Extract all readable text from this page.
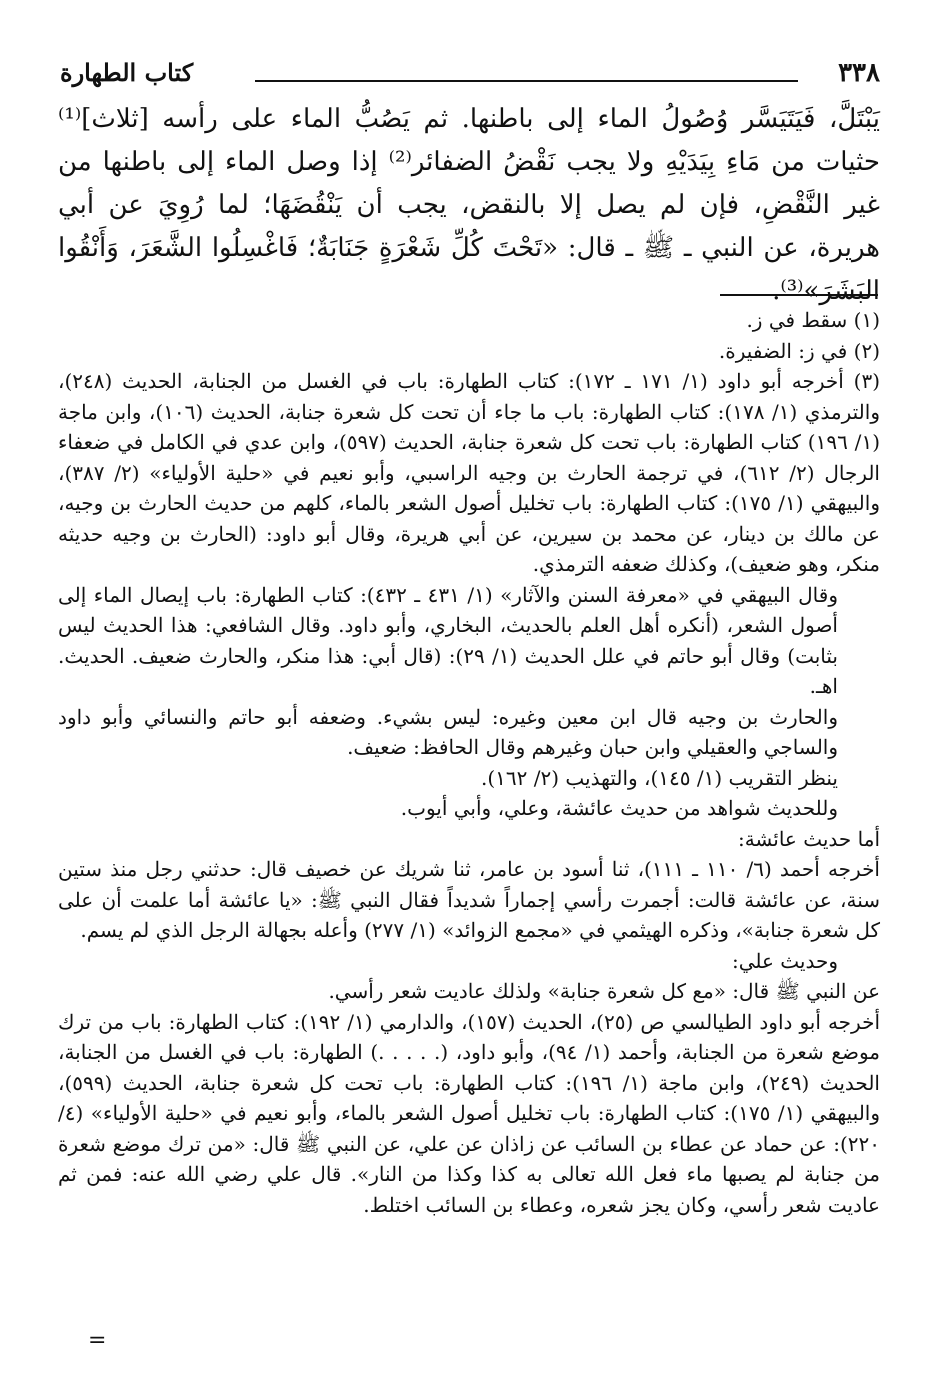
٣٣٨
كتاب الطهارة

يَبْتَلَّ، فَيَتَيَسَّر وُصُولُ الماء إلى باطنها. ثم يَصُبُّ الماء على رأسه [ثلاث]⁽¹⁾ حثيات من مَاءِ بِيَدَيْهِ ولا يجب نَقْضُ الضفائر⁽²⁾ إذا وصل الماء إلى باطنها من غير النَّقْضِ، فإن لم يصل إلا بالنقض، يجب أن يَنْقُضَهَا؛ لما رُوِيَ عن أبي هريرة، عن النبي ـ ﷺ ـ قال: «تَحْتَ كُلِّ شَعْرَةٍ جَنَابَةٌ؛ فَاغْسِلُوا الشَّعَرَ، وَأَنْقُوا البَشَرَ»⁽³⁾.

(١) سقط في ز.

(٢) في ز: الضفيرة.

(٣) أخرجه أبو داود (١/ ١٧١ ـ ١٧٢): كتاب الطهارة: باب في الغسل من الجنابة، الحديث (٢٤٨)، والترمذي (١/ ١٧٨): كتاب الطهارة: باب ما جاء أن تحت كل شعرة جنابة، الحديث (١٠٦)، وابن ماجة (١/ ١٩٦) كتاب الطهارة: باب تحت كل شعرة جنابة، الحديث (٥٩٧)، وابن عدي في الكامل في ضعفاء الرجال (٢/ ٦١٢)، في ترجمة الحارث بن وجيه الراسبي، وأبو نعيم في «حلية الأولياء» (٢/ ٣٨٧)، والبيهقي (١/ ١٧٥): كتاب الطهارة: باب تخليل أصول الشعر بالماء، كلهم من حديث الحارث بن وجيه، عن مالك بن دينار، عن محمد بن سيرين، عن أبي هريرة، وقال أبو داود: (الحارث بن وجيه حديثه منكر، وهو ضعيف)، وكذلك ضعفه الترمذي.

وقال البيهقي في «معرفة السنن والآثار» (١/ ٤٣١ ـ ٤٣٢): كتاب الطهارة: باب إيصال الماء إلى أصول الشعر، (أنكره أهل العلم بالحديث، البخاري، وأبو داود. وقال الشافعي: هذا الحديث ليس بثابت) وقال أبو حاتم في علل الحديث (١/ ٢٩): (قال أبي: هذا منكر، والحارث ضعيف. الحديث. اهـ.

والحارث بن وجيه قال ابن معين وغيره: ليس بشيء. وضعفه أبو حاتم والنسائي وأبو داود والساجي والعقيلي وابن حبان وغيرهم وقال الحافظ: ضعيف.

ينظر التقريب (١/ ١٤٥)، والتهذيب (٢/ ١٦٢).

وللحديث شواهد من حديث عائشة، وعلي، وأبي أيوب.

أما حديث عائشة:

أخرجه أحمد (٦/ ١١٠ ـ ١١١)، ثنا أسود بن عامر، ثنا شريك عن خصيف قال: حدثني رجل منذ ستين سنة، عن عائشة قالت: أجمرت رأسي إجماراً شديداً فقال النبي ﷺ: «يا عائشة أما علمت أن على كل شعرة جنابة»، وذكره الهيثمي في «مجمع الزوائد» (١/ ٢٧٧) وأعله بجهالة الرجل الذي لم يسم.

وحديث علي:

عن النبي ﷺ قال: «مع كل شعرة جنابة» ولذلك عاديت شعر رأسي.

أخرجه أبو داود الطيالسي ص (٢٥)، الحديث (١٥٧)، والدارمي (١/ ١٩٢): كتاب الطهارة: باب من ترك موضع شعرة من الجنابة، وأحمد (١/ ٩٤)، وأبو داود، (. . . . .) الطهارة: باب في الغسل من الجنابة، الحديث (٢٤٩)، وابن ماجة (١/ ١٩٦): كتاب الطهارة: باب تحت كل شعرة جنابة، الحديث (٥٩٩)، والبيهقي (١/ ١٧٥): كتاب الطهارة: باب تخليل أصول الشعر بالماء، وأبو نعيم في «حلية الأولياء» (٤/ ٢٢٠): عن حماد عن عطاء بن السائب عن زاذان عن علي، عن النبي ﷺ قال: «من ترك موضع شعرة من جنابة لم يصبها ماء فعل الله تعالى به كذا وكذا من النار». قال علي رضي الله عنه: فمن ثم عاديت شعر رأسي، وكان يجز شعره، وعطاء بن السائب اختلط.

=
